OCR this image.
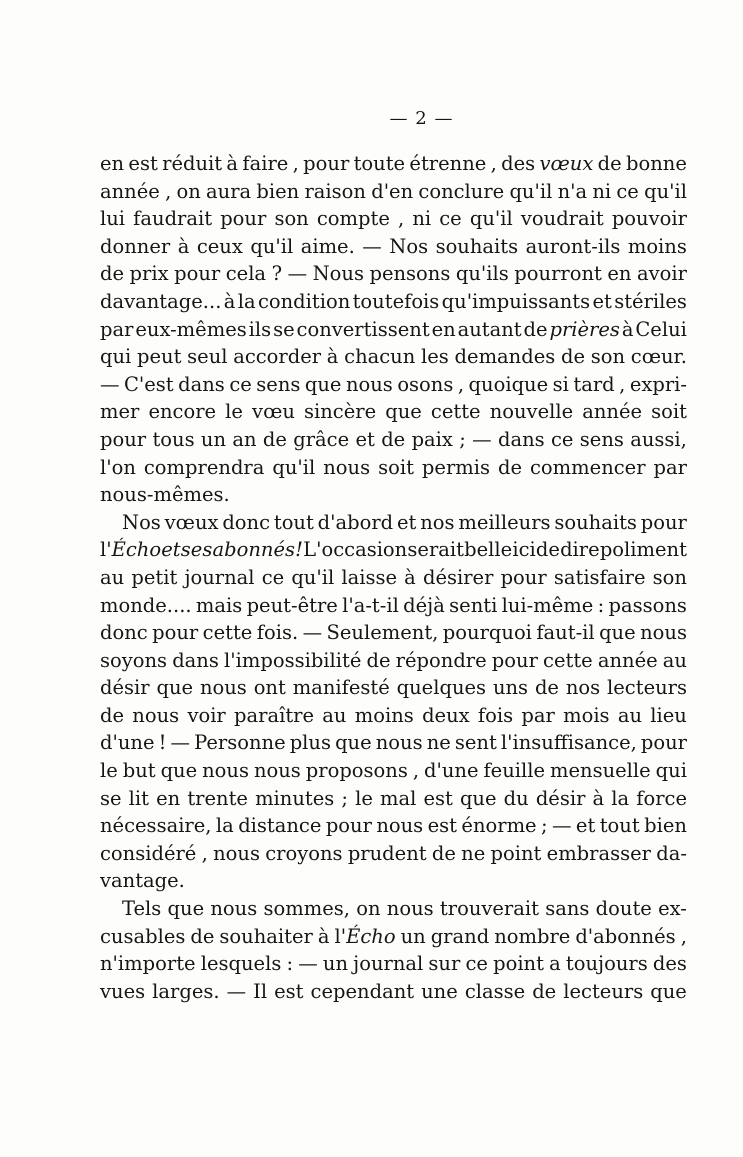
— 2 —
en est réduit à faire , pour toute étrenne , des vœux de bonne
année , on aura bien raison d'en conclure qu'il n'a ni ce qu'il
lui faudrait pour son compte , ni ce qu'il voudrait pouvoir
donner à ceux qu'il aime. — Nos souhaits auront-ils moins
de prix pour cela ? — Nous pensons qu'ils pourront en avoir
davantage... à la condition toutefois qu'impuissants et stériles
par eux-mêmes ils se convertissent en autant de prières à Celui
qui peut seul accorder à chacun les demandes de son cœur.
— C'est dans ce sens que nous osons , quoique si tard , expri-
mer encore le vœu sincère que cette nouvelle année soit
pour tous un an de grâce et de paix ; — dans ce sens aussi,
l'on comprendra qu'il nous soit permis de commencer par
nous-mêmes.
Nos vœux donc tout d'abord et nos meilleurs souhaits pour
l'Écho et ses abonnés ! L'occasion serait belle ici de dire poliment
au petit journal ce qu'il laisse à désirer pour satisfaire son
monde.... mais peut-être l'a-t-il déjà senti lui-même : passons
donc pour cette fois. — Seulement, pourquoi faut-il que nous
soyons dans l'impossibilité de répondre pour cette année au
désir que nous ont manifesté quelques uns de nos lecteurs
de nous voir paraître au moins deux fois par mois au lieu
d'une ! — Personne plus que nous ne sent l'insuffisance, pour
le but que nous nous proposons , d'une feuille mensuelle qui
se lit en trente minutes ; le mal est que du désir à la force
nécessaire, la distance pour nous est énorme ; — et tout bien
considéré , nous croyons prudent de ne point embrasser da-
vantage.
Tels que nous sommes, on nous trouverait sans doute ex-
cusables de souhaiter à l'Écho un grand nombre d'abonnés ,
n'importe lesquels : — un journal sur ce point a toujours des
vues larges. — Il est cependant une classe de lecteurs que
